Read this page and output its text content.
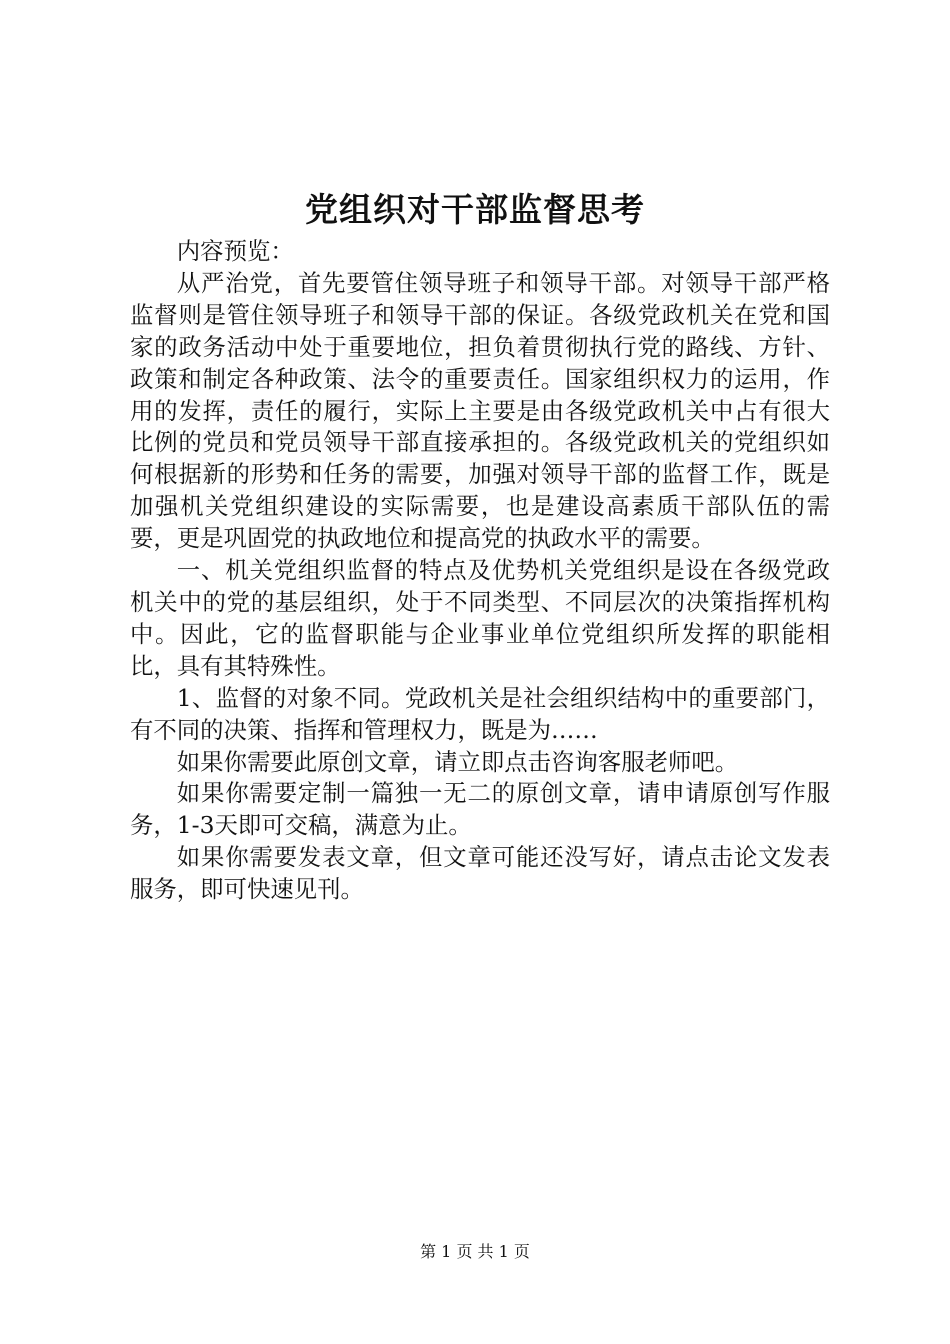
党组织对干部监督思考

内容预览：

从严治党，首先要管住领导班子和领导干部。对领导干部严格监督则是管住领导班子和领导干部的保证。各级党政机关在党和国家的政务活动中处于重要地位，担负着贯彻执行党的路线、方针、政策和制定各种政策、法令的重要责任。国家组织权力的运用，作用的发挥，责任的履行，实际上主要是由各级党政机关中占有很大比例的党员和党员领导干部直接承担的。各级党政机关的党组织如何根据新的形势和任务的需要，加强对领导干部的监督工作，既是加强机关党组织建设的实际需要，也是建设高素质干部队伍的需要，更是巩固党的执政地位和提高党的执政水平的需要。

一、机关党组织监督的特点及优势机关党组织是设在各级党政机关中的党的基层组织，处于不同类型、不同层次的决策指挥机构中。因此，它的监督职能与企业事业单位党组织所发挥的职能相比，具有其特殊性。

1、监督的对象不同。党政机关是社会组织结构中的重要部门，有不同的决策、指挥和管理权力，既是为……

如果你需要此原创文章，请立即点击咨询客服老师吧。

如果你需要定制一篇独一无二的原创文章，请申请原创写作服务，1-3天即可交稿，满意为止。

如果你需要发表文章，但文章可能还没写好，请点击论文发表服务，即可快速见刊。

第 1 页 共 1 页
